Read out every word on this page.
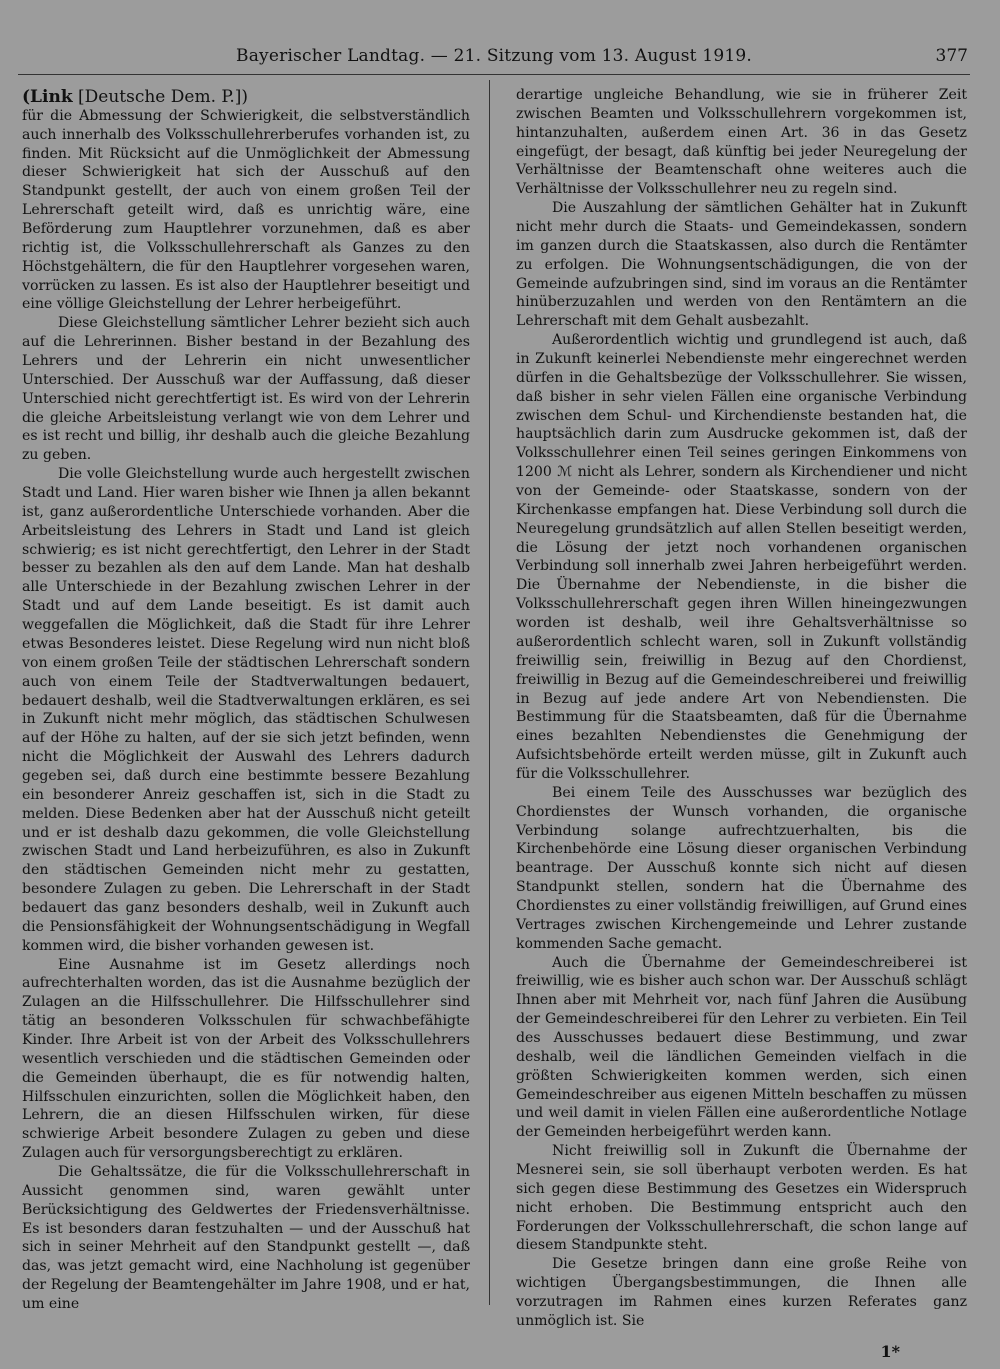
Bayerischer Landtag. — 21. Sitzung vom 13. August 1919.	377

(Link [Deutsche Dem. P.])

für die Abmessung der Schwierigkeit, die selbstverständlich auch innerhalb des Volksschullehrerberufes vorhanden ist, zu finden. Mit Rücksicht auf die Unmöglichkeit der Abmessung dieser Schwierigkeit hat sich der Ausschuß auf den Standpunkt gestellt, der auch von einem großen Teil der Lehrerschaft geteilt wird, daß es unrichtig wäre, eine Beförderung zum Hauptlehrer vorzunehmen, daß es aber richtig ist, die Volksschullehrerschaft als Ganzes zu den Höchstgehältern, die für den Hauptlehrer vorgesehen waren, vorrücken zu lassen. Es ist also der Hauptlehrer beseitigt und eine völlige Gleichstellung der Lehrer herbeigeführt.

Diese Gleichstellung sämtlicher Lehrer bezieht sich auch auf die Lehrerinnen. Bisher bestand in der Bezahlung des Lehrers und der Lehrerin ein nicht unwesentlicher Unterschied. Der Ausschuß war der Auffassung, daß dieser Unterschied nicht gerechtfertigt ist. Es wird von der Lehrerin die gleiche Arbeitsleistung verlangt wie von dem Lehrer und es ist recht und billig, ihr deshalb auch die gleiche Bezahlung zu geben.

Die volle Gleichstellung wurde auch hergestellt zwischen Stadt und Land. Hier waren bisher wie Ihnen ja allen bekannt ist, ganz außerordentliche Unterschiede vorhanden. Aber die Arbeitsleistung des Lehrers in Stadt und Land ist gleich schwierig; es ist nicht gerechtfertigt, den Lehrer in der Stadt besser zu bezahlen als den auf dem Lande. Man hat deshalb alle Unterschiede in der Bezahlung zwischen Lehrer in der Stadt und auf dem Lande beseitigt. Es ist damit auch weggefallen die Möglichkeit, daß die Stadt für ihre Lehrer etwas Besonderes leistet. Diese Regelung wird nun nicht bloß von einem großen Teile der städtischen Lehrerschaft sondern auch von einem Teile der Stadtverwaltungen bedauert, bedauert deshalb, weil die Stadtverwaltungen erklären, es sei in Zukunft nicht mehr möglich, das städtischen Schulwesen auf der Höhe zu halten, auf der sie sich jetzt befinden, wenn nicht die Möglichkeit der Auswahl des Lehrers dadurch gegeben sei, daß durch eine bestimmte bessere Bezahlung ein besonderer Anreiz geschaffen ist, sich in die Stadt zu melden. Diese Bedenken aber hat der Ausschuß nicht geteilt und er ist deshalb dazu gekommen, die volle Gleichstellung zwischen Stadt und Land herbeizuführen, es also in Zukunft den städtischen Gemeinden nicht mehr zu gestatten, besondere Zulagen zu geben. Die Lehrerschaft in der Stadt bedauert das ganz besonders deshalb, weil in Zukunft auch die Pensionsfähigkeit der Wohnungsentschädigung in Wegfall kommen wird, die bisher vorhanden gewesen ist.

Eine Ausnahme ist im Gesetz allerdings noch aufrechterhalten worden, das ist die Ausnahme bezüglich der Zulagen an die Hilfsschullehrer. Die Hilfsschullehrer sind tätig an besonderen Volksschulen für schwachbefähigte Kinder. Ihre Arbeit ist von der Arbeit des Volksschullehrers wesentlich verschieden und die städtischen Gemeinden oder die Gemeinden überhaupt, die es für notwendig halten, Hilfsschulen einzurichten, sollen die Möglichkeit haben, den Lehrern, die an diesen Hilfsschulen wirken, für diese schwierige Arbeit besondere Zulagen zu geben und diese Zulagen auch für versorgungsberechtigt zu erklären.

Die Gehaltssätze, die für die Volksschullehrerschaft in Aussicht genommen sind, waren gewählt unter Berücksichtigung des Geldwertes der Friedensverhältnisse. Es ist besonders daran festzuhalten — und der Ausschuß hat sich in seiner Mehrheit auf den Standpunkt gestellt —, daß das, was jetzt gemacht wird, eine Nachholung ist gegenüber der Regelung der Beamtengehälter im Jahre 1908, und er hat, um eine

derartige ungleiche Behandlung, wie sie in früherer Zeit zwischen Beamten und Volksschullehrern vorgekommen ist, hintanzuhalten, außerdem einen Art. 36 in das Gesetz eingefügt, der besagt, daß künftig bei jeder Neuregelung der Verhältnisse der Beamtenschaft ohne weiteres auch die Verhältnisse der Volksschullehrer neu zu regeln sind.

Die Auszahlung der sämtlichen Gehälter hat in Zukunft nicht mehr durch die Staats- und Gemeindekassen, sondern im ganzen durch die Staatskassen, also durch die Rentämter zu erfolgen. Die Wohnungsentschädigungen, die von der Gemeinde aufzubringen sind, sind im voraus an die Rentämter hinüberzuzahlen und werden von den Rentämtern an die Lehrerschaft mit dem Gehalt ausbezahlt.

Außerordentlich wichtig und grundlegend ist auch, daß in Zukunft keinerlei Nebendienste mehr eingerechnet werden dürfen in die Gehaltsbezüge der Volksschullehrer. Sie wissen, daß bisher in sehr vielen Fällen eine organische Verbindung zwischen dem Schul- und Kirchendienste bestanden hat, die hauptsächlich darin zum Ausdrucke gekommen ist, daß der Volksschullehrer einen Teil seines geringen Einkommens von 1200 ℳ nicht als Lehrer, sondern als Kirchendiener und nicht von der Gemeinde- oder Staatskasse, sondern von der Kirchenkasse empfangen hat. Diese Verbindung soll durch die Neuregelung grundsätzlich auf allen Stellen beseitigt werden, die Lösung der jetzt noch vorhandenen organischen Verbindung soll innerhalb zwei Jahren herbeigeführt werden. Die Übernahme der Nebendienste, in die bisher die Volksschullehrerschaft gegen ihren Willen hineingezwungen worden ist deshalb, weil ihre Gehaltsverhältnisse so außerordentlich schlecht waren, soll in Zukunft vollständig freiwillig sein, freiwillig in Bezug auf den Chordienst, freiwillig in Bezug auf die Gemeindeschreiberei und freiwillig in Bezug auf jede andere Art von Nebendiensten. Die Bestimmung für die Staatsbeamten, daß für die Übernahme eines bezahlten Nebendienstes die Genehmigung der Aufsichtsbehörde erteilt werden müsse, gilt in Zukunft auch für die Volksschullehrer.

Bei einem Teile des Ausschusses war bezüglich des Chordienstes der Wunsch vorhanden, die organische Verbindung solange aufrechtzuerhalten, bis die Kirchenbehörde eine Lösung dieser organischen Verbindung beantrage. Der Ausschuß konnte sich nicht auf diesen Standpunkt stellen, sondern hat die Übernahme des Chordienstes zu einer vollständig freiwilligen, auf Grund eines Vertrages zwischen Kirchengemeinde und Lehrer zustande kommenden Sache gemacht.

Auch die Übernahme der Gemeindeschreiberei ist freiwillig, wie es bisher auch schon war. Der Ausschuß schlägt Ihnen aber mit Mehrheit vor, nach fünf Jahren die Ausübung der Gemeindeschreiberei für den Lehrer zu verbieten. Ein Teil des Ausschusses bedauert diese Bestimmung, und zwar deshalb, weil die ländlichen Gemeinden vielfach in die größten Schwierigkeiten kommen werden, sich einen Gemeindeschreiber aus eigenen Mitteln beschaffen zu müssen und weil damit in vielen Fällen eine außerordentliche Notlage der Gemeinden herbeigeführt werden kann.

Nicht freiwillig soll in Zukunft die Übernahme der Mesnerei sein, sie soll überhaupt verboten werden. Es hat sich gegen diese Bestimmung des Gesetzes ein Widerspruch nicht erhoben. Die Bestimmung entspricht auch den Forderungen der Volksschullehrerschaft, die schon lange auf diesem Standpunkte steht.

Die Gesetze bringen dann eine große Reihe von wichtigen Übergangsbestimmungen, die Ihnen alle vorzutragen im Rahmen eines kurzen Referates ganz unmöglich ist. Sie

1*
